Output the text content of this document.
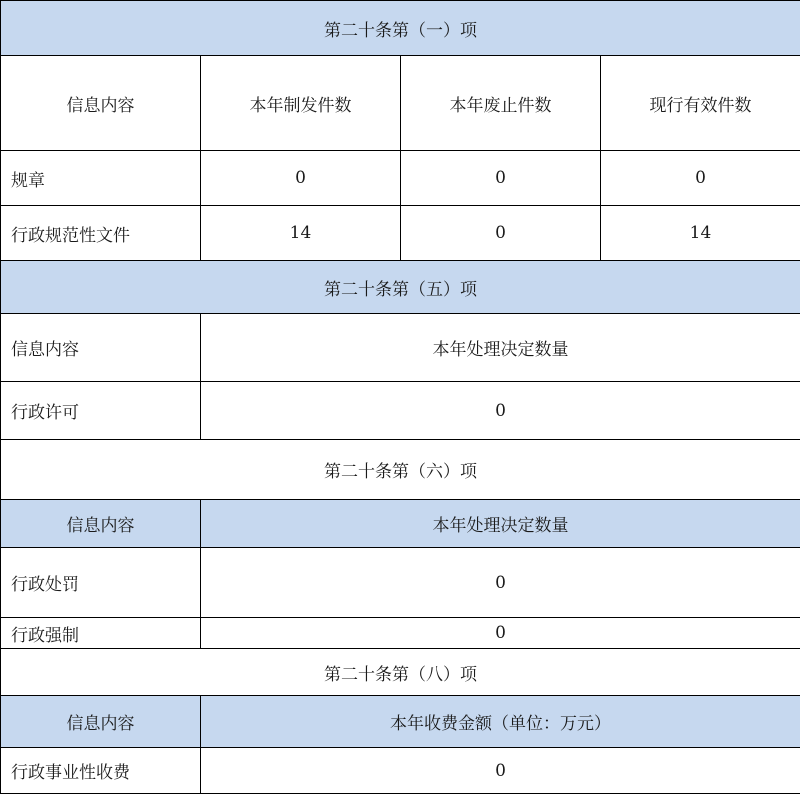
第二十条第（一）项			
信息内容	本年制发件数	本年废止件数	现行有效件数
规章	0	0	0
行政规范性文件	14	0	14
第二十条第（五）项			
信息内容	本年处理决定数量		
行政许可	0		
第二十条第（六）项			
信息内容	本年处理决定数量		
行政处罚	0		
行政强制	0		
第二十条第（八）项			
信息内容	本年收费金额（单位：万元）		
行政事业性收费	0		
